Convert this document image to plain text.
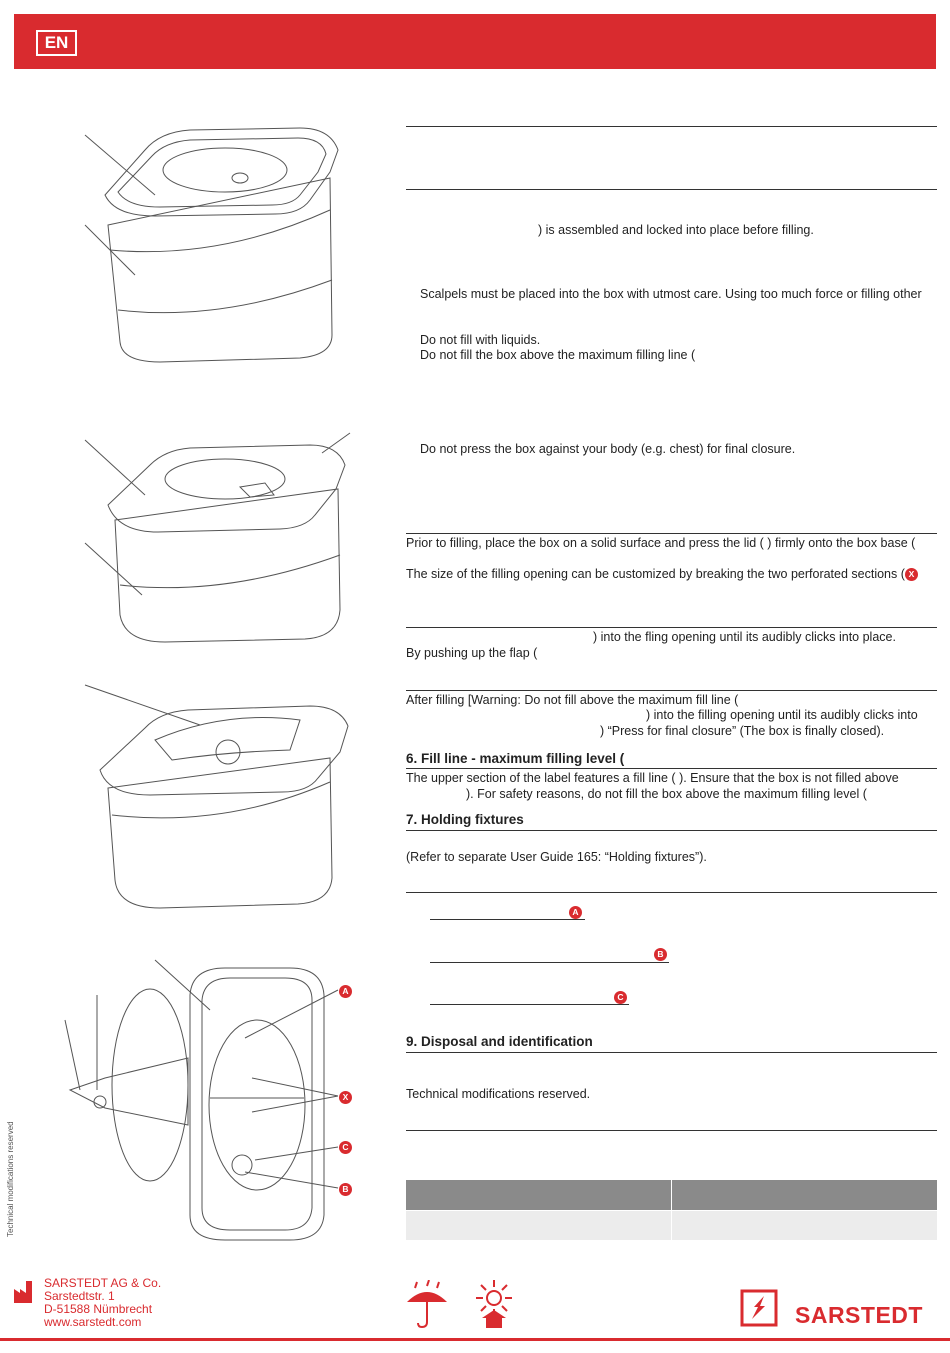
EN
A
X
C
B
) is assembled and locked into place before filling.
Scalpels must be placed into the box with utmost care. Using too much force or filling other
Do not fill with liquids.
Do not fill the box above the maximum filling line (
Do not press the box against your body (e.g. chest) for final closure.
Prior to filling, place the box on a solid surface and press the lid ( ) firmly onto the box base (
The size of the filling opening can be customized by breaking the two perforated sections ( X
) into the fling opening until its audibly clicks into place.
By pushing up the flap (
After filling [Warning: Do not fill above the maximum fill line (
) into the filling opening until its audibly clicks into
) “Press for final closure” (The box is finally closed).
6. Fill line - maximum filling level (
The upper section of the label features a fill line ( ). Ensure that the box is not filled above
). For safety reasons, do not fill the box above the maximum filling level (
7. Holding fixtures
(Refer to separate User Guide 165: “Holding fixtures”).
A
B
C
9. Disposal and identification
Technical modifications reserved.
Technical modifications reserved
SARSTEDT AG & Co.
Sarstedtstr. 1
D-51588 Nümbrecht
www.sarstedt.com	SARSTEDT
